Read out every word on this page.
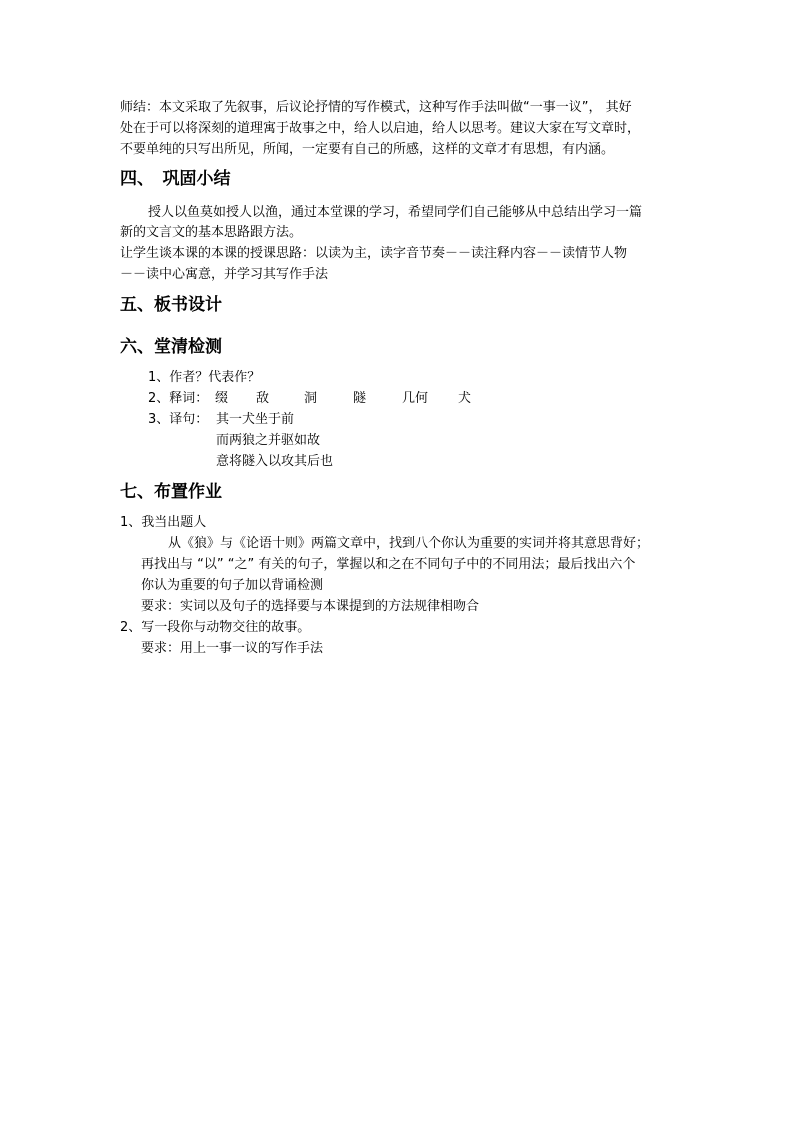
师结：本文采取了先叙事，后议论抒情的写作模式，这种写作手法叫做“一事一议”， 其好

处在于可以将深刻的道理寓于故事之中，给人以启迪，给人以思考。建议大家在写文章时，

不要单纯的只写出所见，所闻，一定要有自己的所感，这样的文章才有思想，有内涵。

四、　巩固小结

授人以鱼莫如授人以渔，通过本堂课的学习，希望同学们自己能够从中总结出学习一篇

新的文言文的基本思路跟方法。

让学生谈本课的本课的授课思路：以读为主，读字音节奏－－读注释内容－－读情节人物

－－读中心寓意，并学习其写作手法

五、板书设计
六、堂清检测

1、作者？代表作？

2、释词： 缀 敌	洞	隧	几何 犬

3、译句： 其一犬坐于前

而两狼之并驱如故

意将隧入以攻其后也

七、布置作业

1、我当出题人

从《狼》与《论语十则》两篇文章中，找到八个你认为重要的实词并将其意思背好；

再找出与 “以” “之” 有关的句子，掌握以和之在不同句子中的不同用法；最后找出六个

你认为重要的句子加以背诵检测

要求：实词以及句子的选择要与本课提到的方法规律相吻合

2、写一段你与动物交往的故事。

要求：用上一事一议的写作手法
